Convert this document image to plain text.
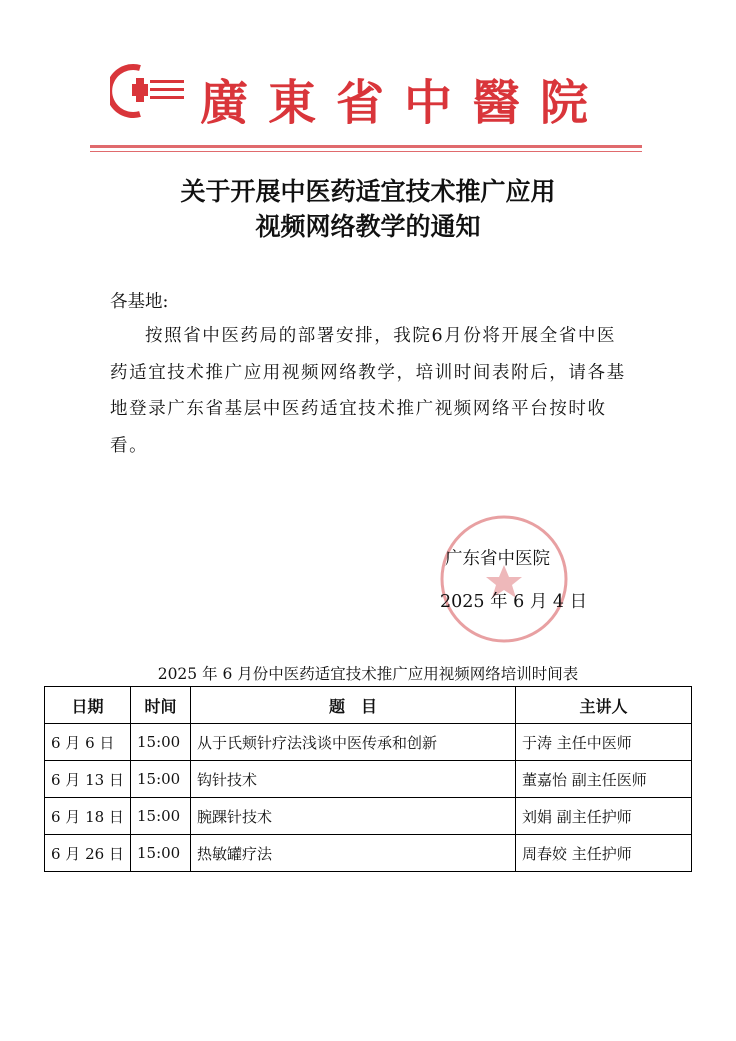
廣東省中醫院
关于开展中医药适宜技术推广应用
视频网络教学的通知
各基地:
按照省中医药局的部署安排，我院6月份将开展全省中医药适宜技术推广应用视频网络教学，培训时间表附后，请各基地登录广东省基层中医药适宜技术推广视频网络平台按时收看。
广东省中医院
2025 年 6 月 4 日
2025 年 6 月份中医药适宜技术推广应用视频网络培训时间表
日期	时间	题　目	主讲人
6 月 6 日	15:00	从于氏颊针疗法浅谈中医传承和创新	于涛 主任中医师
6 月 13 日	15:00	钩针技术	董嘉怡 副主任医师
6 月 18 日	15:00	腕踝针技术	刘娟 副主任护师
6 月 26 日	15:00	热敏罐疗法	周春姣 主任护师
